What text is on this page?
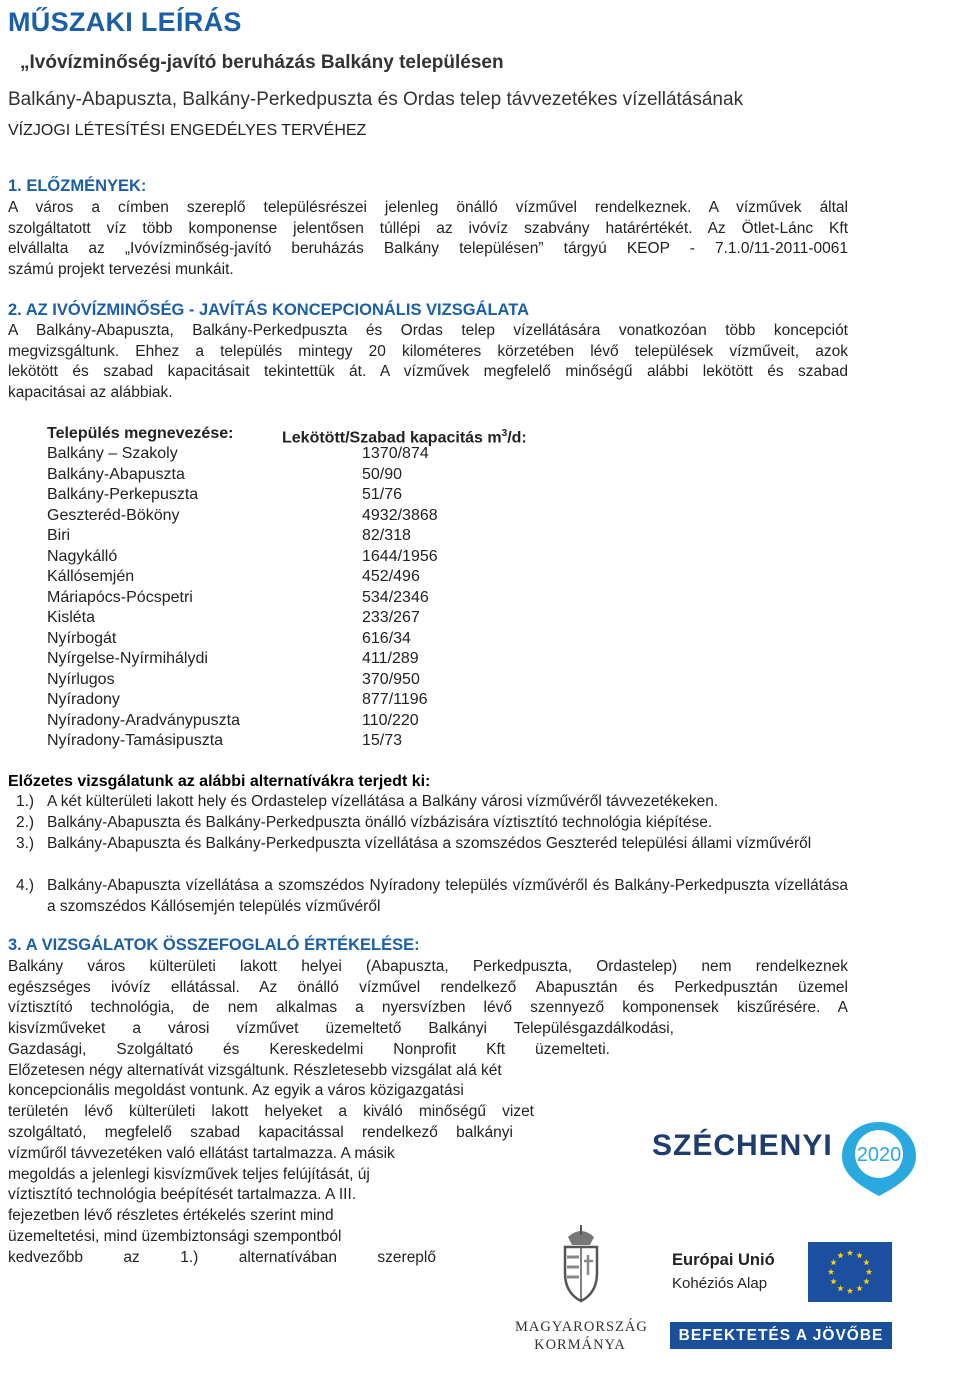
MŰSZAKI LEÍRÁS
„Ivóvízminőség-javító beruházás Balkány településen
Balkány-Abapuszta, Balkány-Perkedpuszta és Ordas telep távvezetékes vízellátásának
VÍZJOGI LÉTESÍTÉSI ENGEDÉLYES TERVÉHEZ
1. ELŐZMÉNYEK:
A város a címben szereplő településrészei jelenleg önálló vízművel rendelkeznek. A vízművek által
szolgáltatott víz több komponense jelentősen túllépi az ivóvíz szabvány határértékét. Az Ötlet-Lánc Kft
elvállalta az „Ivóvízminőség-javító beruházás Balkány településen” tárgyú KEOP - 7.1.0/11-2011-0061
számú projekt tervezési munkáit.
2. AZ IVÓVÍZMINŐSÉG - JAVÍTÁS KONCEPCIONÁLIS VIZSGÁLATA
A Balkány-Abapuszta, Balkány-Perkedpuszta és Ordas telep vízellátására vonatkozóan több koncepciót
megvizsgáltunk. Ehhez a település mintegy 20 kilométeres körzetében lévő települések vízműveit, azok
lekötött és szabad kapacitásait tekintettük át. A vízművek megfelelő minőségű alábbi lekötött és szabad
kapacitásai az alábbiak.
Település megnevezése:	Lekötött/Szabad kapacitás $m^3/d$:
Balkány – Szakoly	1370/874
Balkány-Abapuszta	50/90
Balkány-Perkepuszta	51/76
Geszteréd-Bököny	4932/3868
Biri	82/318
Nagykálló	1644/1956
Kállósemjén	452/496
Máriapócs-Pócspetri	534/2346
Kisléta	233/267
Nyírbogát	616/34
Nyírgelse-Nyírmihálydi	411/289
Nyírlugos	370/950
Nyíradony	877/1196
Nyíradony-Aradványpuszta	110/220
Nyíradony-Tamásipuszta	15/73
Előzetes vizsgálatunk az alábbi alternatívákra terjedt ki:
1.) A két külterületi lakott hely és Ordastelep vízellátása a Balkány városi vízművéről távvezetékeken.
2.) Balkány-Abapuszta és Balkány-Perkedpuszta önálló vízbázisára víztisztító technológia kiépítése.
3.) Balkány-Abapuszta és Balkány-Perkedpuszta vízellátása a szomszédos Geszteréd települési állami vízművéről
4.) Balkány-Abapuszta vízellátása a szomszédos Nyíradony település vízművéről és Balkány-Perkedpuszta vízellátása a szomszédos Kállósemjén település vízművéről
3. A VIZSGÁLATOK ÖSSZEFOGLALÓ ÉRTÉKELÉSE:
Balkány város külterületi lakott helyei (Abapuszta, Perkedpuszta, Ordastelep) nem rendelkeznek
egészséges ivóvíz ellátással. Az önálló vízművel rendelkező Abapusztán és Perkedpusztán üzemel
víztisztító technológia, de nem alkalmas a nyersvízben lévő szennyező komponensek kiszűrésére. A
kisvízműveket a városi vízművet üzemeltető Balkányi Településgazdálkodási,
Gazdasági, Szolgáltató és Kereskedelmi Nonprofit Kft üzemelteti.
Előzetesen négy alternatívát vizsgáltunk. Részletesebb vizsgálat alá két
koncepcionális megoldást vontunk. Az egyik a város közigazgatási
területén lévő külterületi lakott helyeket a kiváló minőségű vizet
szolgáltató, megfelelő szabad kapacitással rendelkező balkányi
vízműről távvezetéken való ellátást tartalmazza. A másik
megoldás a jelenlegi kisvízművek teljes felújítását, új
víztisztító technológia beépítését tartalmazza. A III.
fejezetben lévő részletes értékelés szerint mind
üzemeltetési, mind üzembiztonsági szempontból
kedvezőbb az 1.) alternatívában szereplő
SZÉCHENYI 2020
MAGYARORSZÁG
KORMÁNYA
Európai Unió
Kohéziós Alap
BEFEKTETÉS A JÖVŐBE
